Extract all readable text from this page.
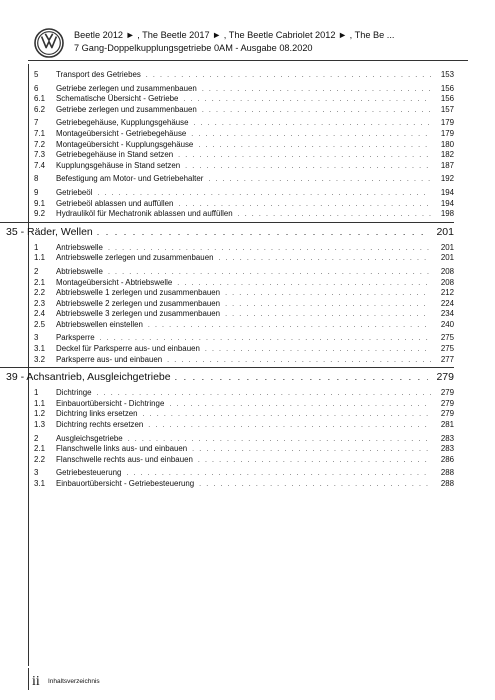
Beetle 2012 ► , The Beetle 2017 ► , The Beetle Cabriolet 2012 ► , The Be ...
7 Gang-Doppelkupplungsgetriebe 0AM - Ausgabe 08.2020
5	Transport des Getriebes . . .	153
6	Getriebe zerlegen und zusammenbauen . . .	156
6.1	Schematische Übersicht - Getriebe . . .	156
6.2	Getriebe zerlegen und zusammenbauen . . .	157
7	Getriebegehäuse, Kupplungsgehäuse . . .	179
7.1	Montageübersicht - Getriebegehäuse . . .	179
7.2	Montageübersicht - Kupplungsgehäuse . . .	180
7.3	Getriebegehäuse in Stand setzen . . .	182
7.4	Kupplungsgehäuse in Stand setzen . . .	187
8	Befestigung am Motor- und Getriebehalter . . .	192
9	Getriebeöl . . .	194
9.1	Getriebeöl ablassen und auffüllen . . .	194
9.2	Hydrauliköl für Mechatronik ablassen und auffüllen . . .	198
35 - Räder, Wellen . . .	201
1	Antriebswelle . . .	201
1.1	Antriebswelle zerlegen und zusammenbauen . . .	201
2	Abtriebswelle . . .	208
2.1	Montageübersicht - Abtriebswelle . . .	208
2.2	Abtriebswelle 1 zerlegen und zusammenbauen . . .	212
2.3	Abtriebswelle 2 zerlegen und zusammenbauen . . .	224
2.4	Abtriebswelle 3 zerlegen und zusammenbauen . . .	234
2.5	Abtriebswellen einstellen . . .	240
3	Parksperre . . .	275
3.1	Deckel für Parksperre aus- und einbauen . . .	275
3.2	Parksperre aus- und einbauen . . .	277
39 - Achsantrieb, Ausgleichgetriebe . . .	279
1	Dichtringe . . .	279
1.1	Einbauortübersicht - Dichtringe . . .	279
1.2	Dichtring links ersetzen . . .	279
1.3	Dichtring rechts ersetzen . . .	281
2	Ausgleichsgetriebe . . .	283
2.1	Flanschwelle links aus- und einbauen . . .	283
2.2	Flanschwelle rechts aus- und einbauen . . .	286
3	Getriebesteuerung . . .	288
3.1	Einbauortübersicht - Getriebesteuerung . . .	288
ii Inhaltsverzeichnis
